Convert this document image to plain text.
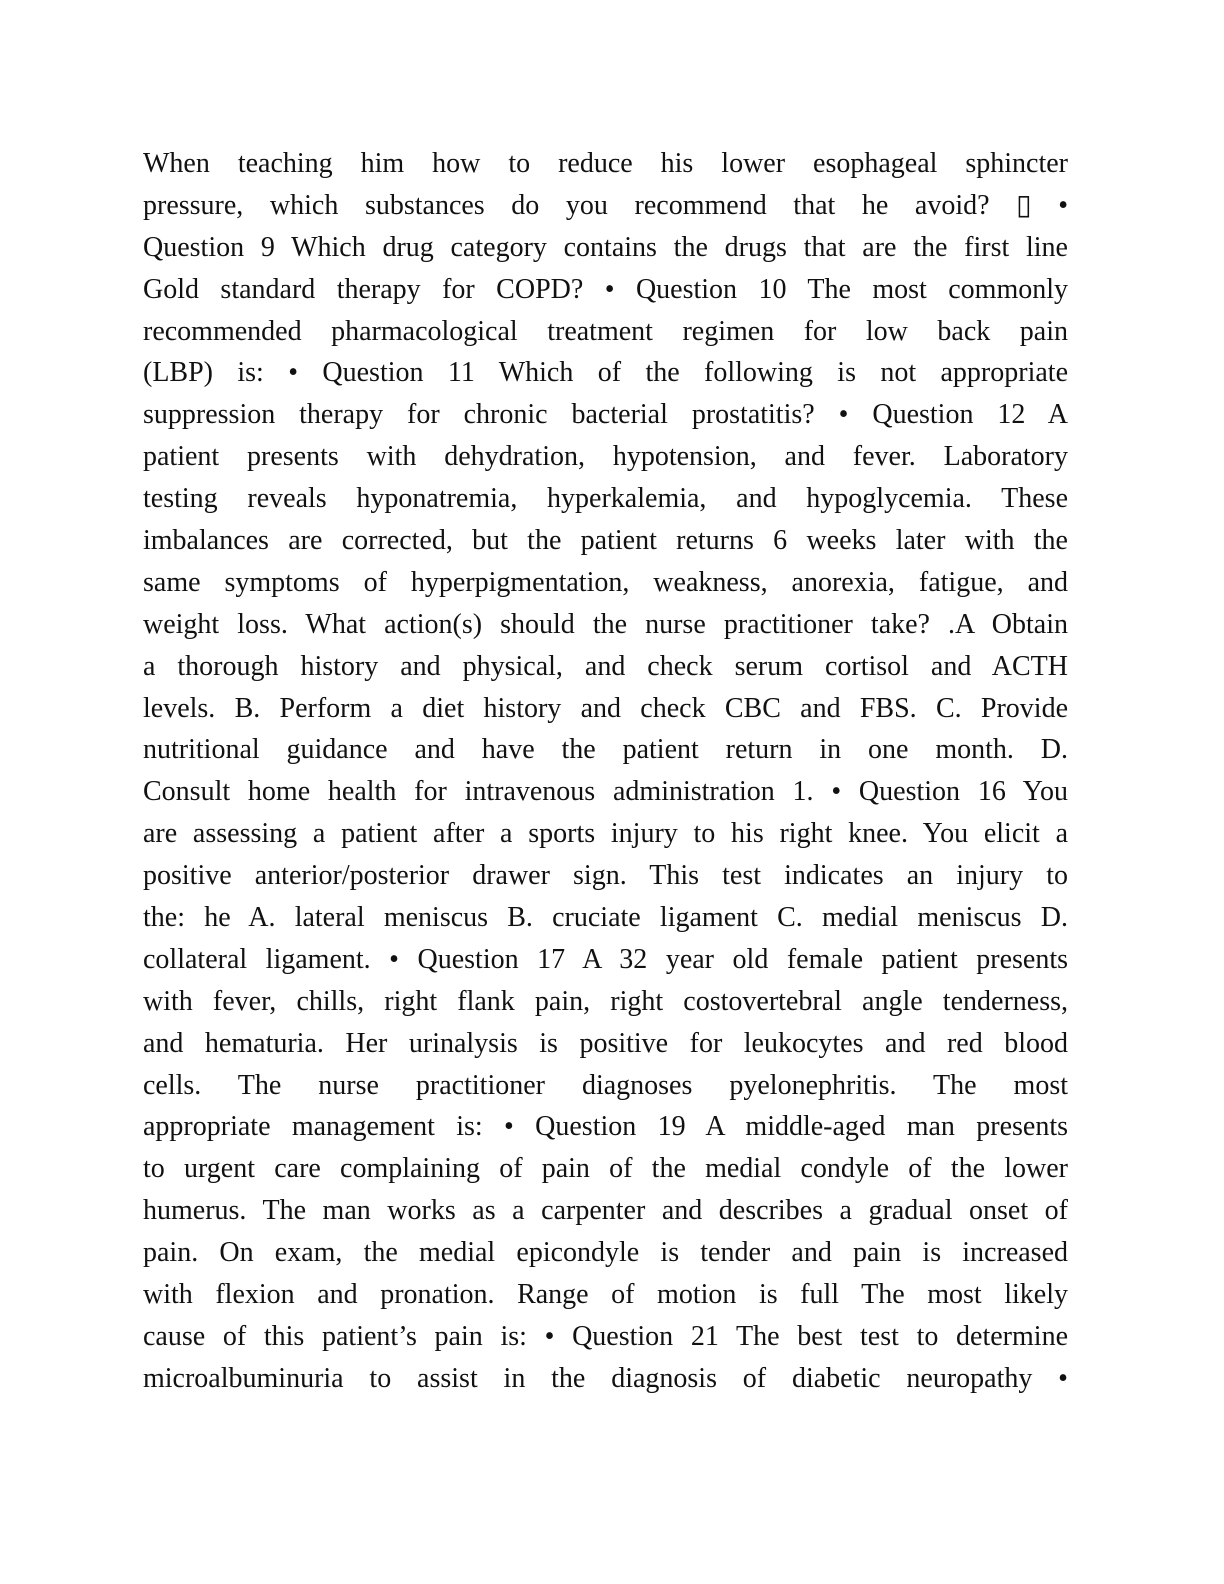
When teaching him how to reduce his lower esophageal sphincter
pressure, which substances do you recommend that he avoid? ▯ •
Question 9 Which drug category contains the drugs that are the first line
Gold standard therapy for COPD? • Question 10 The most commonly
recommended pharmacological treatment regimen for low back pain
(LBP) is: • Question 11 Which of the following is not appropriate
suppression therapy for chronic bacterial prostatitis? • Question 12 A
patient presents with dehydration, hypotension, and fever. Laboratory
testing reveals hyponatremia, hyperkalemia, and hypoglycemia. These
imbalances are corrected, but the patient returns 6 weeks later with the
same symptoms of hyperpigmentation, weakness, anorexia, fatigue, and
weight loss. What action(s) should the nurse practitioner take? .A Obtain
a thorough history and physical, and check serum cortisol and ACTH
levels. B. Perform a diet history and check CBC and FBS. C. Provide
nutritional guidance and have the patient return in one month. D.
Consult home health for intravenous administration 1. • Question 16 You
are assessing a patient after a sports injury to his right knee. You elicit a
positive anterior/posterior drawer sign. This test indicates an injury to
the: he A. lateral meniscus B. cruciate ligament C. medial meniscus D.
collateral ligament. • Question 17 A 32 year old female patient presents
with fever, chills, right flank pain, right costovertebral angle tenderness,
and hematuria. Her urinalysis is positive for leukocytes and red blood
cells. The nurse practitioner diagnoses pyelonephritis. The most
appropriate management is: • Question 19 A middle-aged man presents
to urgent care complaining of pain of the medial condyle of the lower
humerus. The man works as a carpenter and describes a gradual onset of
pain. On exam, the medial epicondyle is tender and pain is increased
with flexion and pronation. Range of motion is full The most likely
cause of this patient’s pain is: • Question 21 The best test to determine
microalbuminuria to assist in the diagnosis of diabetic neuropathy •
